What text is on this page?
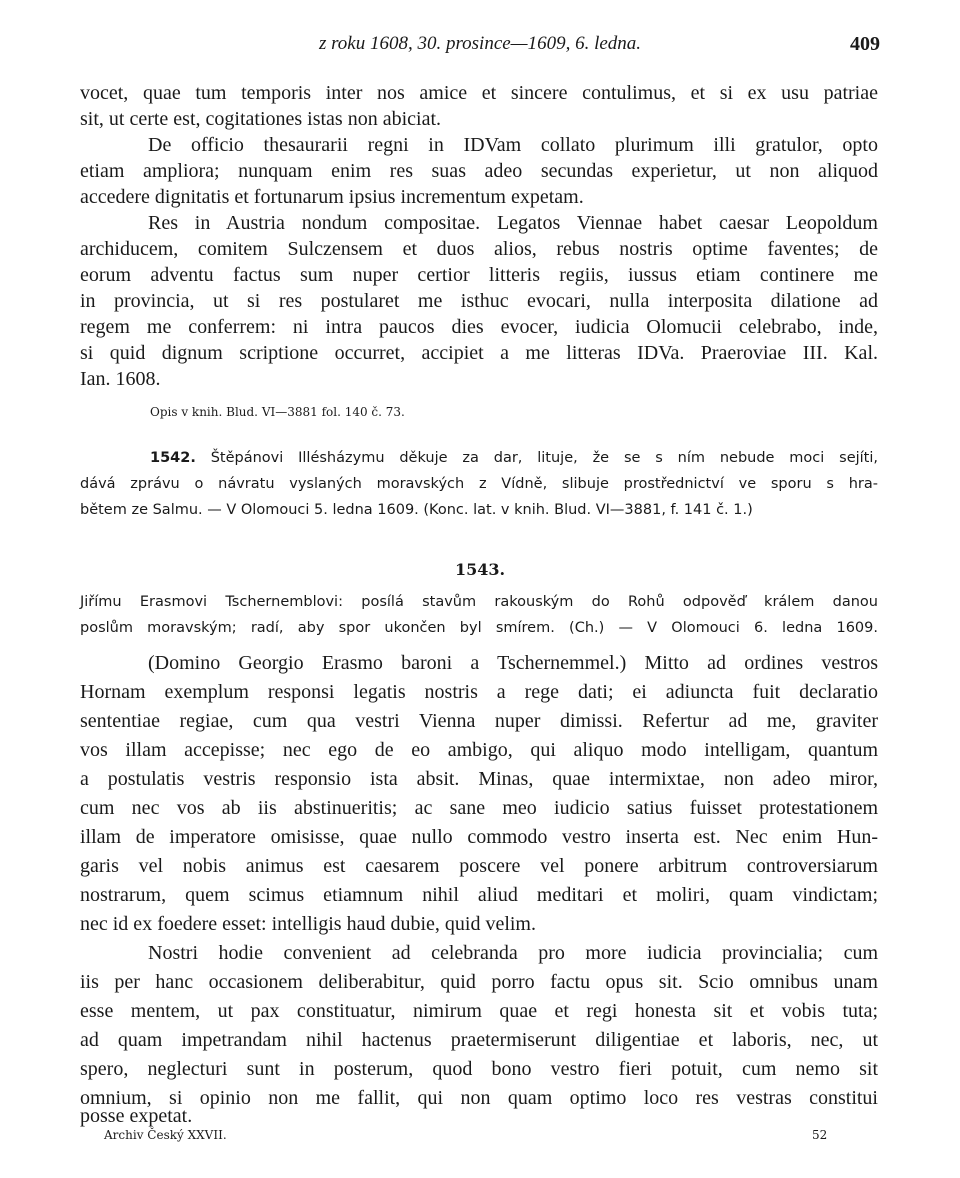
z roku 1608, 30. prosince—1609, 6. ledna.	409
vocet, quae tum temporis inter nos amice et sincere contulimus, et si ex usu patriae
sit, ut certe est, cogitationes istas non abiciat.
De officio thesaurarii regni in IDVam collato plurimum illi gratulor, opto
etiam ampliora; nunquam enim res suas adeo secundas experietur, ut non aliquod
accedere dignitatis et fortunarum ipsius incrementum expetam.
Res in Austria nondum compositae. Legatos Viennae habet caesar Leopoldum
archiducem, comitem Sulczensem et duos alios, rebus nostris optime faventes; de
eorum adventu factus sum nuper certior litteris regiis, iussus etiam continere me
in provincia, ut si res postularet me isthuc evocari, nulla interposita dilatione ad
regem me conferrem: ni intra paucos dies evocer, iudicia Olomucii celebrabo, inde,
si quid dignum scriptione occurret, accipiet a me litteras IDVa. Praeroviae III. Kal.
Ian. 1608.
Opis v knih. Blud. VI—3881 fol. 140 č. 73.
1542. Štěpánovi Illésházymu děkuje za dar, lituje, že se s ním nebude moci sejíti,
dává zprávu o návratu vyslaných moravských z Vídně, slibuje prostřednictví ve sporu s hra-
bětem ze Salmu. — V Olomouci 5. ledna 1609. (Konc. lat. v knih. Blud. VI—3881, f. 141 č. 1.)
1543.
Jiřímu Erasmovi Tschernemblovi: posílá stavům rakouským do Rohů odpověď králem danou
poslům moravským; radí, aby spor ukončen byl smírem. (Ch.) — V Olomouci 6. ledna 1609.
(Domino Georgio Erasmo baroni a Tschernemmel.) Mitto ad ordines vestros
Hornam exemplum responsi legatis nostris a rege dati; ei adiuncta fuit declaratio
sententiae regiae, cum qua vestri Vienna nuper dimissi. Refertur ad me, graviter
vos illam accepisse; nec ego de eo ambigo, qui aliquo modo intelligam, quantum
a postulatis vestris responsio ista absit. Minas, quae intermixtae, non adeo miror,
cum nec vos ab iis abstinueritis; ac sane meo iudicio satius fuisset protestationem
illam de imperatore omisisse, quae nullo commodo vestro inserta est. Nec enim Hun-
garis vel nobis animus est caesarem poscere vel ponere arbitrum controversiarum
nostrarum, quem scimus etiamnum nihil aliud meditari et moliri, quam vindictam;
nec id ex foedere esset: intelligis haud dubie, quid velim.
Nostri hodie convenient ad celebranda pro more iudicia provincialia; cum
iis per hanc occasionem deliberabitur, quid porro factu opus sit. Scio omnibus unam
esse mentem, ut pax constituatur, nimirum quae et regi honesta sit et vobis tuta;
ad quam impetrandam nihil hactenus praetermiserunt diligentiae et laboris, nec, ut
spero, neglecturi sunt in posterum, quod bono vestro fieri potuit, cum nemo sit
omnium, si opinio non me fallit, qui non quam optimo loco res vestras constitui
posse expetat.
Archiv Český XXVII.	52
